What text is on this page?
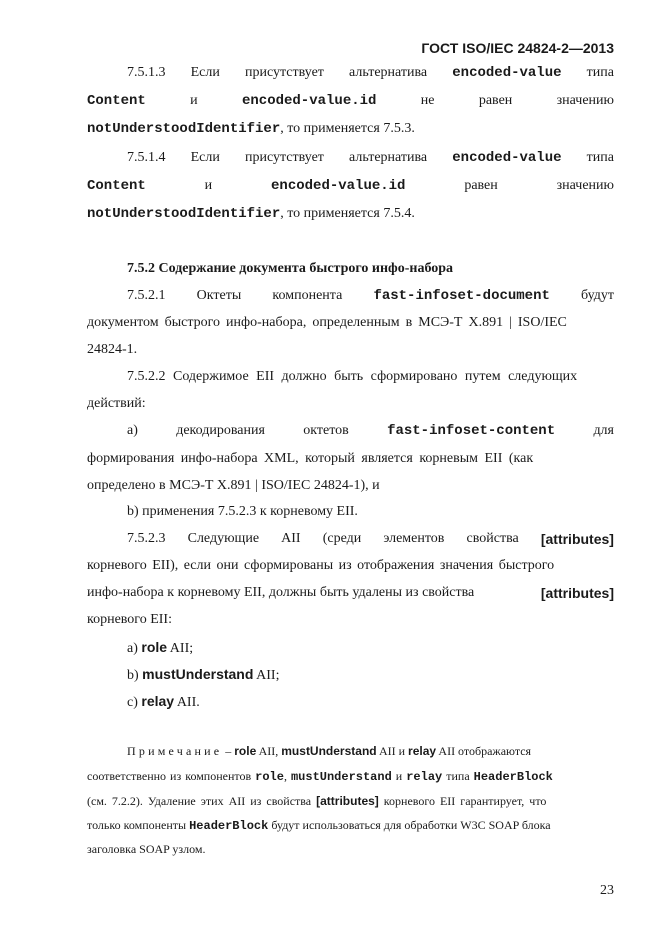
ГОСТ ISO/IEC 24824-2—2013
7.5.1.3 Если присутствует альтернатива encoded-value типа
Content	и	encoded-value.id	не	равен	значению
notUnderstoodIdentifier, то применяется 7.5.3.
7.5.1.4 Если присутствует альтернатива encoded-value типа
Content	и	encoded-value.id	равен	значению
notUnderstoodIdentifier, то применяется 7.5.4.
7.5.2 Содержание документа быстрого инфо-набора
7.5.2.1 Октеты компонента fast-infoset-document будут
документом быстрого инфо-набора, определенным в МСЭ-Т X.891 | ISO/IEC
24824-1.
7.5.2.2 Содержимое EII должно быть сформировано путем следующих
действий:
a)	декодирования	октетов	fast-infoset-content	для
формирования инфо-набора XML, который является корневым EII (как
определено в МСЭ-Т X.891 | ISO/IEC 24824-1), и
b) применения 7.5.2.3 к корневому EII.
7.5.2.3 Следующие AII (среди элементов свойства [attributes]
корневого EII), если они сформированы из отображения значения быстрого
инфо-набора к корневому EII, должны быть удалены из свойства	[attributes]
корневого EII:
a) role AII;
b) mustUnderstand AII;
c) relay AII.
Примечание – role AII, mustUnderstand AII и relay AII отображаются
соответственно из компонентов role, mustUnderstand и relay типа HeaderBlock
(см. 7.2.2). Удаление этих AII из свойства [attributes] корневого EII гарантирует, что
только компоненты HeaderBlock будут использоваться для обработки W3C SOAP блока
заголовка SOAP узлом.
23
